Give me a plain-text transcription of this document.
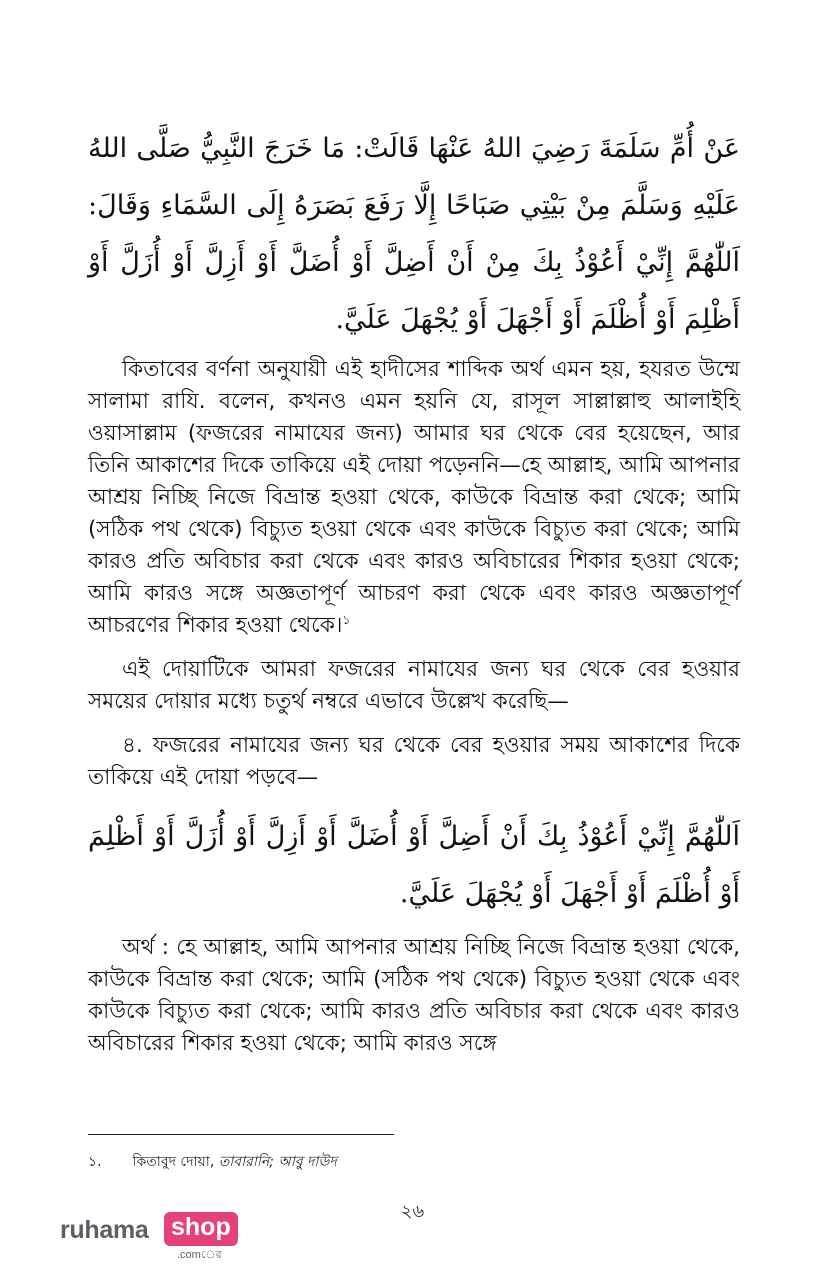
عَنْ أُمِّ سَلَمَةَ رَضِيَ اللهُ عَنْهَا قَالَتْ: مَا خَرَجَ النَّبِيُّ صَلَّى اللهُ عَلَيْهِ وَسَلَّمَ مِنْ بَيْتِي صَبَاحًا إِلَّا رَفَعَ بَصَرَهُ إِلَى السَّمَاءِ وَقَالَ: اَللّٰهُمَّ إِنِّيْ أَعُوْذُ بِكَ مِنْ أَنْ أَضِلَّ أَوْ أُضَلَّ أَوْ أَزِلَّ أَوْ أُزَلَّ أَوْ أَظْلِمَ أَوْ أُظْلَمَ أَوْ أَجْهَلَ أَوْ يُجْهَلَ عَلَيَّ.

কিতাবের বর্ণনা অনুযায়ী এই হাদীসের শাব্দিক অর্থ এমন হয়, হযরত উম্মে সালামা রাযি. বলেন, কখনও এমন হয়নি যে, রাসূল সাল্লাল্লাহু আলাইহি ওয়াসাল্লাম (ফজরের নামাযের জন্য) আমার ঘর থেকে বের হয়েছেন, আর তিনি আকাশের দিকে তাকিয়ে এই দোয়া পড়েননি—হে আল্লাহ, আমি আপনার আশ্রয় নিচ্ছি নিজে বিভ্রান্ত হওয়া থেকে, কাউকে বিভ্রান্ত করা থেকে; আমি (সঠিক পথ থেকে) বিচ্যুত হওয়া থেকে এবং কাউকে বিচ্যুত করা থেকে; আমি কারও প্রতি অবিচার করা থেকে এবং কারও অবিচারের শিকার হওয়া থেকে; আমি কারও সঙ্গে অজ্ঞতাপূর্ণ আচরণ করা থেকে এবং কারও অজ্ঞতাপূর্ণ আচরণের শিকার হওয়া থেকে।$^১$

এই দোয়াটিকে আমরা ফজরের নামাযের জন্য ঘর থেকে বের হওয়ার সময়ের দোয়ার মধ্যে চতুর্থ নম্বরে এভাবে উল্লেখ করেছি—

৪. ফজরের নামাযের জন্য ঘর থেকে বের হওয়ার সময় আকাশের দিকে তাকিয়ে এই দোয়া পড়বে—

اَللّٰهُمَّ إِنِّيْ أَعُوْذُ بِكَ أَنْ أَضِلَّ أَوْ أُضَلَّ أَوْ أَزِلَّ أَوْ أُزَلَّ أَوْ أَظْلِمَ أَوْ أُظْلَمَ أَوْ أَجْهَلَ أَوْ يُجْهَلَ عَلَيَّ.

অর্থ : হে আল্লাহ, আমি আপনার আশ্রয় নিচ্ছি নিজে বিভ্রান্ত হওয়া থেকে, কাউকে বিভ্রান্ত করা থেকে; আমি (সঠিক পথ থেকে) বিচ্যুত হওয়া থেকে এবং কাউকে বিচ্যুত করা থেকে; আমি কারও প্রতি অবিচার করা থেকে এবং কারও অবিচারের শিকার হওয়া থেকে; আমি কারও সঙ্গে

১. কিতাবুদ দোয়া, তাবারানি; আবু দাউদ
২৬
ruhama shop
.comের
